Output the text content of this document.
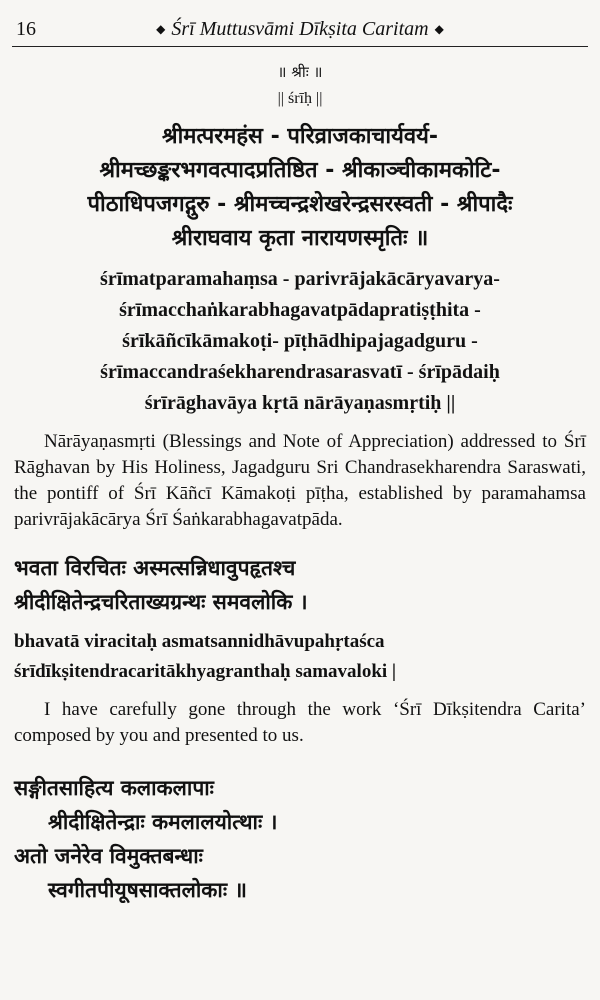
16	◆ Śrī Muttusvāmi Dīkṣita Caritam ◆
॥ श्रीः ॥
|| śrīḥ ||
श्रीमत्परमहंस - परिव्राजकाचार्यवर्य-
श्रीमच्छङ्करभगवत्पादप्रतिष्ठित - श्रीकाञ्चीकामकोटि-
पीठाधिपजगद्गुरु - श्रीमच्चन्द्रशेखरेन्द्रसरस्वती - श्रीपादैः
श्रीराघवाय कृता नारायणस्मृतिः ॥
śrīmatparamahaṃsa - parivrājakācāryavarya-
śrīmacchaṅkarabhagavatpādapratiṣṭhita -
śrīkāñcīkāmakoṭi- pīṭhādhipajagadguru -
śrīmaccandraśekharendrasarasvatī - śrīpādaiḥ
śrīrāghavāya kṛtā nārāyaṇasmṛtiḥ ||

Nārāyaṇasmṛti (Blessings and Note of Appreciation) addressed to Śrī Rāghavan by His Holiness, Jagadguru Sri Chandrasekharendra Saraswati, the pontiff of Śrī Kāñcī Kāmakoṭi pīṭha, established by paramahamsa parivrājakācārya Śrī Śaṅkarabhagavatpāda.

भवता विरचितः अस्मत्सन्निधावुपहृतश्च
श्रीदीक्षितेन्द्रचरिताख्यग्रन्थः समवलोकि ।
bhavatā viracitaḥ asmatsannidhāvupahṛtaśca
śrīdīkṣitendracaritākhyagranthaḥ samavaloki |

I have carefully gone through the work ‘Śrī Dīkṣitendra Carita’ composed by you and presented to us.

सङ्गीतसाहित्य कलाकलापाः
श्रीदीक्षितेन्द्राः कमलालयोत्थाः ।
अतो जनेरेव विमुक्तबन्धाः
स्वगीतपीयूषसाक्तलोकाः ॥
